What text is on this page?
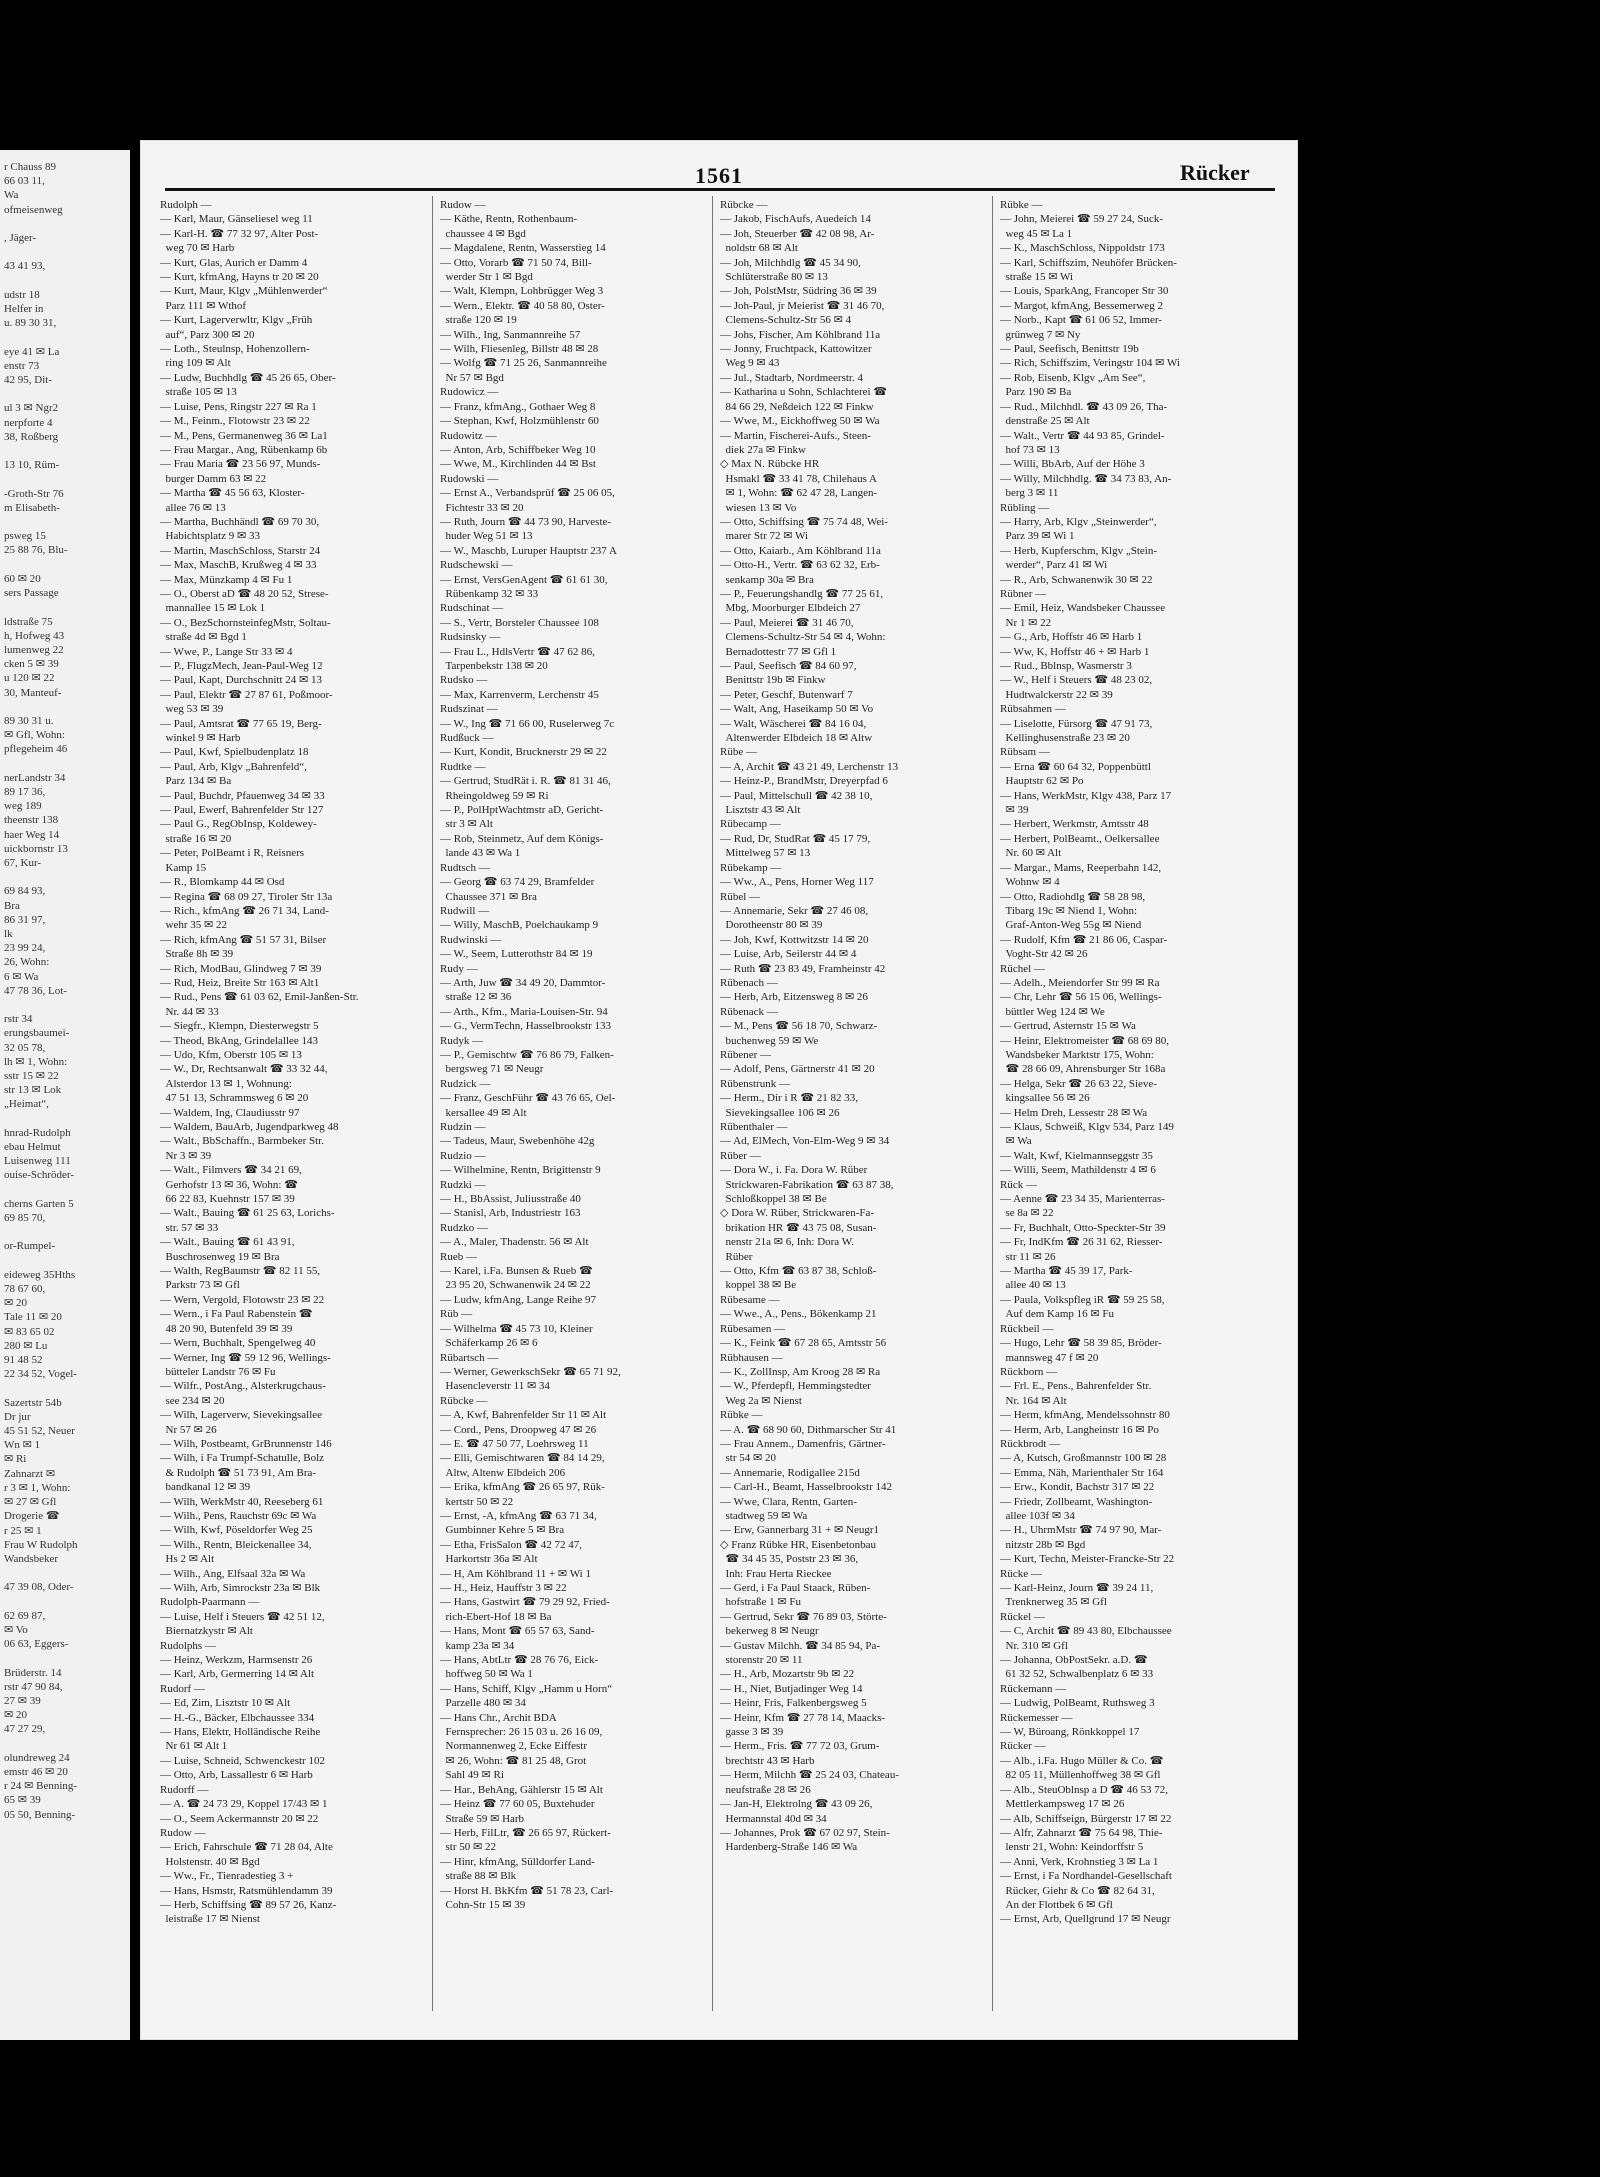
r Chauss 89
66 03 11,
Wa
ofmeisenweg

, Jäger-

43 41 93,

udstr 18
Helfer in
u. 89 30 31,

eye 41 ✉ La
enstr 73
42 95, Dit-

ul 3 ✉ Ngr2
nerpforte 4
38, Roßberg

13 10, Rüm-

-Groth-Str 76
m Elisabeth-

psweg 15
25 88 76, Blu-

60 ✉ 20
sers Passage

ldstraße 75
h, Hofweg 43
lumenweg 22
cken 5 ✉ 39
u 120 ✉ 22
30, Manteuf-

89 30 31 u.
✉ Gfl, Wohn:
pflegeheim 46

nerLandstr 34
89 17 36,
weg 189
theenstr 138
haer Weg 14
uickbornstr 13
67, Kur-

69 84 93,
Bra
86 31 97,
lk
23 99 24,
26, Wohn:
6 ✉ Wa
47 78 36, Lot-

rstr 34
erungsbaumei-
32 05 78,
lh ✉ 1, Wohn:
sstr 15 ✉ 22
str 13 ✉ Lok
„Heimat“,

hnrad-Rudolph
ebau Helmut
Luisenweg 111
ouise-Schröder-

cherns Garten 5
69 85 70,

or-Rumpel-

eideweg 35Hths
78 67 60,
✉ 20
Tale 11 ✉ 20
✉ 83 65 02
280 ✉ Lu
91 48 52
22 34 52, Vogel-

Sazertstr 54b
Dr jur
45 51 52, Neuer
Wn ✉ 1
✉ Ri
Zahnarzt ✉
r 3 ✉ 1, Wohn:
✉ 27 ✉ Gfl
Drogerie ☎
r 25 ✉ 1
Frau W Rudolph
Wandsbeker

47 39 08, Oder-

62 69 87,
✉ Vo
06 63, Eggers-

Brüderstr. 14
rstr 47 90 84,
27 ✉ 39
✉ 20
47 27 29,

olundreweg 24
emstr 46 ✉ 20
r 24 ✉ Benning-
65 ✉ 39
05 50, Benning-
1561	Rücker
Rudolph —
— Karl, Maur, Gänseliesel weg 11
— Karl-H. ☎ 77 32 97, Alter Post-
weg 70 ✉ Harb
— Kurt, Glas, Aurich er Damm 4
— Kurt, kfmAng, Hayns tr 20 ✉ 20
— Kurt, Maur, Klgv „Mühlenwerder“
Parz 111 ✉ Wthof
— Kurt, Lagerverwltr, Klgv „Früh
auf“, Parz 300 ✉ 20
— Loth., Steulnsp, Hohenzollern-
ring 109 ✉ Alt
— Ludw, Buchhdlg ☎ 45 26 65, Ober-
straße 105 ✉ 13
— Luise, Pens, Ringstr 227 ✉ Ra 1
— M., Feinm., Flotowstr 23 ✉ 22
— M., Pens, Germanenweg 36 ✉ La1
— Frau Margar., Ang, Rübenkamp 6b
— Frau Maria ☎ 23 56 97, Munds-
burger Damm 63 ✉ 22
— Martha ☎ 45 56 63, Kloster-
allee 76 ✉ 13
— Martha, Buchhändl ☎ 69 70 30,
Habichtsplatz 9 ✉ 33
— Martin, MaschSchloss, Starstr 24
— Max, MaschB, Krußweg 4 ✉ 33
— Max, Münzkamp 4 ✉ Fu 1
— O., Oberst aD ☎ 48 20 52, Strese-
mannallee 15 ✉ Lok 1
— O., BezSchornsteinfegMstr, Soltau-
straße 4d ✉ Bgd 1
— Wwe, P., Lange Str 33 ✉ 4
— P., FlugzMech, Jean-Paul-Weg 12
— Paul, Kapt, Durchschnitt 24 ✉ 13
— Paul, Elektr ☎ 27 87 61, Poßmoor-
weg 53 ✉ 39
— Paul, Amtsrat ☎ 77 65 19, Berg-
winkel 9 ✉ Harb
— Paul, Kwf, Spielbudenplatz 18
— Paul, Arb, Klgv „Bahrenfeld“,
Parz 134 ✉ Ba
— Paul, Buchdr, Pfauenweg 34 ✉ 33
— Paul, Ewerf, Bahrenfelder Str 127
— Paul G., RegObInsp, Koldewey-
straße 16 ✉ 20
— Peter, PolBeamt i R, Reisners
Kamp 15
— R., Blomkamp 44 ✉ Osd
— Regina ☎ 68 09 27, Tiroler Str 13a
— Rich., kfmAng ☎ 26 71 34, Land-
wehr 35 ✉ 22
— Rich, kfmAng ☎ 51 57 31, Bilser
Straße 8h ✉ 39
— Rich, ModBau, Glindweg 7 ✉ 39
— Rud, Heiz, Breite Str 163 ✉ Alt1
— Rud., Pens ☎ 61 03 62, Emil-Janßen-Str.
Nr. 44 ✉ 33
— Siegfr., Klempn, Diesterwegstr 5
— Theod, BkAng, Grindelallee 143
— Udo, Kfm, Oberstr 105 ✉ 13
— W., Dr, Rechtsanwalt ☎ 33 32 44,
Alsterdor 13 ✉ 1, Wohnung:
47 51 13, Schrammsweg 6 ✉ 20
— Waldem, Ing, Claudiusstr 97
— Waldem, BauArb, Jugendparkweg 48
— Walt., BbSchaffn., Barmbeker Str.
Nr 3 ✉ 39
— Walt., Filmvers ☎ 34 21 69,
Gerhofstr 13 ✉ 36, Wohn: ☎
66 22 83, Kuehnstr 157 ✉ 39
— Walt., Bauing ☎ 61 25 63, Lorichs-
str. 57 ✉ 33
— Walt., Bauing ☎ 61 43 91,
Buschrosenweg 19 ✉ Bra
— Walth, RegBaumstr ☎ 82 11 55,
Parkstr 73 ✉ Gfl
— Wern, Vergold, Flotowstr 23 ✉ 22
— Wern., i Fa Paul Rabenstein ☎
48 20 90, Butenfeld 39 ✉ 39
— Wern, Buchhalt, Spengelweg 40
— Werner, Ing ☎ 59 12 96, Wellings-
bütteler Landstr 76 ✉ Fu
— Wilfr., PostAng., Alsterkrugchaus-
see 234 ✉ 20
— Wilh, Lagerverw, Sievekingsallee
Nr 57 ✉ 26
— Wilh, Postbeamt, GrBrunnenstr 146
— Wilh, i Fa Trumpf-Schatulle, Bolz
& Rudolph ☎ 51 73 91, Am Bra-
bandkanal 12 ✉ 39
— Wilh, WerkMstr 40, Reeseberg 61
— Wilh., Pens, Rauchstr 69c ✉ Wa
— Wilh, Kwf, Pöseldorfer Weg 25
— Wilh., Rentn, Bleickenallee 34,
Hs 2 ✉ Alt
— Wilh., Ang, Elfsaal 32a ✉ Wa
— Wilh, Arb, Simrockstr 23a ✉ Blk
Rudolph-Paarmann —
— Luise, Helf i Steuers ☎ 42 51 12,
Biernatzkystr ✉ Alt
Rudolphs —
— Heinz, Werkzm, Harmsenstr 26
— Karl, Arb, Germerring 14 ✉ Alt
Rudorf —
— Ed, Zim, Lisztstr 10 ✉ Alt
— H.-G., Bäcker, Elbchaussee 334
— Hans, Elektr, Holländische Reihe
Nr 61 ✉ Alt 1
— Luise, Schneid, Schwenckestr 102
— Otto, Arb, Lassallestr 6 ✉ Harb
Rudorff —
— A. ☎ 24 73 29, Koppel 17/43 ✉ 1
— O., Seem Ackermannstr 20 ✉ 22
Rudow —
— Erich, Fahrschule ☎ 71 28 04, Alte
Holstenstr. 40 ✉ Bgd
— Ww., Fr., Tienradestieg 3 +
— Hans, Hsmstr, Ratsmühlendamm 39
— Herb, Schiffsing ☎ 89 57 26, Kanz-
leistraße 17 ✉ Nienst
Rudow —
— Käthe, Rentn, Rothenbaum-
chaussee 4 ✉ Bgd
— Magdalene, Rentn, Wasserstieg 14
— Otto, Vorarb ☎ 71 50 74, Bill-
werder Str 1 ✉ Bgd
— Walt, Klempn, Lohbrügger Weg 3
— Wern., Elektr. ☎ 40 58 80, Oster-
straße 120 ✉ 19
— Wilh., Ing, Sanmannreihe 57
— Wilh, Fliesenleg, Billstr 48 ✉ 28
— Wolfg ☎ 71 25 26, Sanmannreihe
Nr 57 ✉ Bgd
Rudowicz —
— Franz, kfmAng., Gothaer Weg 8
— Stephan, Kwf, Holzmühlenstr 60
Rudowitz —
— Anton, Arb, Schiffbeker Weg 10
— Wwe, M., Kirchlinden 44 ✉ Bst
Rudowski —
— Ernst A., Verbandsprüf ☎ 25 06 05,
Fichtestr 33 ✉ 20
— Ruth, Journ ☎ 44 73 90, Harveste-
huder Weg 51 ✉ 13
— W., Maschb, Luruper Hauptstr 237 A
Rudschewski —
— Ernst, VersGenAgent ☎ 61 61 30,
Rübenkamp 32 ✉ 33
Rudschinat —
— S., Vertr, Borsteler Chaussee 108
Rudsinsky —
— Frau L., HdlsVertr ☎ 47 62 86,
Tarpenbekstr 138 ✉ 20
Rudsko —
— Max, Karrenverm, Lerchenstr 45
Rudszinat —
— W., Ing ☎ 71 66 00, Ruselerweg 7c
Rudßuck —
— Kurt, Kondit, Brucknerstr 29 ✉ 22
Rudtke —
— Gertrud, StudRät i. R. ☎ 81 31 46,
Rheingoldweg 59 ✉ Ri
— P., PolHptWachtmstr aD, Gericht-
str 3 ✉ Alt
— Rob, Steinmetz, Auf dem Königs-
lande 43 ✉ Wa 1
Rudtsch —
— Georg ☎ 63 74 29, Bramfelder
Chaussee 371 ✉ Bra
Rudwill —
— Willy, MaschB, Poelchaukamp 9
Rudwinski —
— W., Seem, Lutterothstr 84 ✉ 19
Rudy —
— Arth, Juw ☎ 34 49 20, Dammtor-
straße 12 ✉ 36
— Arth., Kfm., Maria-Louisen-Str. 94
— G., VermTechn, Hasselbrookstr 133
Rudyk —
— P., Gemischtw ☎ 76 86 79, Falken-
bergsweg 71 ✉ Neugr
Rudzick —
— Franz, GeschFühr ☎ 43 76 65, Oel-
kersallee 49 ✉ Alt
Rudzin —
— Tadeus, Maur, Swebenhöhe 42g
Rudzio —
— Wilhelmine, Rentn, Brigittenstr 9
Rudzki —
— H., BbAssist, Juliusstraße 40
— Stanisl, Arb, Industriestr 163
Rudzko —
— A., Maler, Thadenstr. 56 ✉ Alt
Rueb —
— Karel, i.Fa. Bunsen & Rueb ☎
23 95 20, Schwanenwik 24 ✉ 22
— Ludw, kfmAng, Lange Reihe 97
Rüb —
— Wilhelma ☎ 45 73 10, Kleiner
Schäferkamp 26 ✉ 6
Rübartsch —
— Werner, GewerkschSekr ☎ 65 71 92,
Hasencleverstr 11 ✉ 34
Rübcke —
— A, Kwf, Bahrenfelder Str 11 ✉ Alt
— Cord., Pens, Droopweg 47 ✉ 26
— E. ☎ 47 50 77, Loehrsweg 11
— Elli, Gemischtwaren ☎ 84 14 29,
Altw, Altenw Elbdeich 206
— Erika, kfmAng ☎ 26 65 97, Rük-
kertstr 50 ✉ 22
— Ernst, -A, kfmAng ☎ 63 71 34,
Gumbinner Kehre 5 ✉ Bra
— Etha, FrisSalon ☎ 42 72 47,
Harkortstr 36a ✉ Alt
— H, Am Köhlbrand 11 + ✉ Wi 1
— H., Heiz, Hauffstr 3 ✉ 22
— Hans, Gastwirt ☎ 79 29 92, Fried-
rich-Ebert-Hof 18 ✉ Ba
— Hans, Mont ☎ 65 57 63, Sand-
kamp 23a ✉ 34
— Hans, AbtLtr ☎ 28 76 76, Eick-
hoffweg 50 ✉ Wa 1
— Hans, Schiff, Klgv „Hamm u Horn“
Parzelle 480 ✉ 34
— Hans Chr., Archit BDA
Fernsprecher: 26 15 03 u. 26 16 09,
Normannenweg 2, Ecke Eiffestr
✉ 26, Wohn: ☎ 81 25 48, Grot
Sahl 49 ✉ Ri
— Har., BehAng, Gählerstr 15 ✉ Alt
— Heinz ☎ 77 60 05, Buxtehuder
Straße 59 ✉ Harb
— Herb, FilLtr, ☎ 26 65 97, Rückert-
str 50 ✉ 22
— Hinr, kfmAng, Sülldorfer Land-
straße 88 ✉ Blk
— Horst H. BkKfm ☎ 51 78 23, Carl-
Cohn-Str 15 ✉ 39
Rübcke —
— Jakob, FischAufs, Auedeich 14
— Joh, Steuerber ☎ 42 08 98, Ar-
noldstr 68 ✉ Alt
— Joh, Milchhdlg ☎ 45 34 90,
Schlüterstraße 80 ✉ 13
— Joh, PolstMstr, Südring 36 ✉ 39
— Joh-Paul, jr Meierist ☎ 31 46 70,
Clemens-Schultz-Str 56 ✉ 4
— Johs, Fischer, Am Köhlbrand 11a
— Jonny, Fruchtpack, Kattowitzer
Weg 9 ✉ 43
— Jul., Stadtarb, Nordmeerstr. 4
— Katharina u Sohn, Schlachterei ☎
84 66 29, Neßdeich 122 ✉ Finkw
— Wwe, M., Eickhoffweg 50 ✉ Wa
— Martin, Fischerei-Aufs., Steen-
diek 27a ✉ Finkw
◇ Max N. Rübcke HR
Hsmakl ☎ 33 41 78, Chilehaus A
✉ 1, Wohn: ☎ 62 47 28, Langen-
wiesen 13 ✉ Vo
— Otto, Schiffsing ☎ 75 74 48, Wei-
marer Str 72 ✉ Wi
— Otto, Kaiarb., Am Köhlbrand 11a
— Otto-H., Vertr. ☎ 63 62 32, Erb-
senkamp 30a ✉ Bra
— P., Feuerungshandlg ☎ 77 25 61,
Mbg, Moorburger Elbdeich 27
— Paul, Meierei ☎ 31 46 70,
Clemens-Schultz-Str 54 ✉ 4, Wohn:
Bernadottestr 77 ✉ Gfl 1
— Paul, Seefisch ☎ 84 60 97,
Benittstr 19b ✉ Finkw
— Peter, Geschf, Butenwarf 7
— Walt, Ang, Haseikamp 50 ✉ Vo
— Walt, Wäscherei ☎ 84 16 04,
Altenwerder Elbdeich 18 ✉ Altw
Rübe —
— A, Archit ☎ 43 21 49, Lerchenstr 13
— Heinz-P., BrandMstr, Dreyerpfad 6
— Paul, Mittelschull ☎ 42 38 10,
Lisztstr 43 ✉ Alt
Rübecamp —
— Rud, Dr, StudRat ☎ 45 17 79,
Mittelweg 57 ✉ 13
Rübekamp —
— Ww., A., Pens, Horner Weg 117
Rübel —
— Annemarie, Sekr ☎ 27 46 08,
Dorotheenstr 80 ✉ 39
— Joh, Kwf, Kottwitzstr 14 ✉ 20
— Luise, Arb, Seilerstr 44 ✉ 4
— Ruth ☎ 23 83 49, Framheinstr 42
Rübenach —
— Herb, Arb, Eitzensweg 8 ✉ 26
Rübenack —
— M., Pens ☎ 56 18 70, Schwarz-
buchenweg 59 ✉ We
Rübener —
— Adolf, Pens, Gärtnerstr 41 ✉ 20
Rübenstrunk —
— Herm., Dir i R ☎ 21 82 33,
Sievekingsallee 106 ✉ 26
Rübenthaler —
— Ad, ElMech, Von-Elm-Weg 9 ✉ 34
Rüber —
— Dora W., i. Fa. Dora W. Rüber
Strickwaren-Fabrikation ☎ 63 87 38,
Schloßkoppel 38 ✉ Be
◇ Dora W. Rüber, Strickwaren-Fa-
brikation HR ☎ 43 75 08, Susan-
nenstr 21a ✉ 6, Inh: Dora W.
Rüber
— Otto, Kfm ☎ 63 87 38, Schloß-
koppel 38 ✉ Be
Rübesame —
— Wwe., A., Pens., Bökenkamp 21
Rübesamen —
— K., Feink ☎ 67 28 65, Amtsstr 56
Rübhausen —
— K., ZollInsp, Am Kroog 28 ✉ Ra
— W., Pferdepfl, Hemmingstedter
Weg 2a ✉ Nienst
Rübke —
— A. ☎ 68 90 60, Dithmarscher Str 41
— Frau Annem., Damenfris, Gärtner-
str 54 ✉ 20
— Annemarie, Rodigallee 215d
— Carl-H., Beamt, Hasselbrookstr 142
— Wwe, Clara, Rentn, Garten-
stadtweg 59 ✉ Wa
— Erw, Gannerbarg 31 + ✉ Neugr1
◇ Franz Rübke HR, Eisenbetonbau
☎ 34 45 35, Poststr 23 ✉ 36,
Inh: Frau Herta Rieckee
— Gerd, i Fa Paul Staack, Rüben-
hofstraße 1 ✉ Fu
— Gertrud, Sekr ☎ 76 89 03, Störte-
bekerweg 8 ✉ Neugr
— Gustav Milchh. ☎ 34 85 94, Pa-
storenstr 20 ✉ 11
— H., Arb, Mozartstr 9b ✉ 22
— H., Niet, Butjadinger Weg 14
— Heinr, Fris, Falkenbergsweg 5
— Heinr, Kfm ☎ 27 78 14, Maacks-
gasse 3 ✉ 39
— Herm., Fris. ☎ 77 72 03, Grum-
brechtstr 43 ✉ Harb
— Herm, Milchh ☎ 25 24 03, Chateau-
neufstraße 28 ✉ 26
— Jan-H, Elektrolng ☎ 43 09 26,
Hermannstal 40d ✉ 34
— Johannes, Prok ☎ 67 02 97, Stein-
Hardenberg-Straße 146 ✉ Wa
Rübke —
— John, Meierei ☎ 59 27 24, Suck-
weg 45 ✉ La 1
— K., MaschSchloss, Nippoldstr 173
— Karl, Schiffszim, Neuhöfer Brücken-
straße 15 ✉ Wi
— Louis, SparkAng, Francoper Str 30
— Margot, kfmAng, Bessemerweg 2
— Norb., Kapt ☎ 61 06 52, Immer-
grünweg 7 ✉ Ny
— Paul, Seefisch, Benittstr 19b
— Rich, Schiffszim, Veringstr 104 ✉ Wi
— Rob, Eisenb, Klgv „Am See“,
Parz 190 ✉ Ba
— Rud., Milchhdl. ☎ 43 09 26, Tha-
denstraße 25 ✉ Alt
— Walt., Vertr ☎ 44 93 85, Grindel-
hof 73 ✉ 13
— Willi, BbArb, Auf der Höhe 3
— Willy, Milchhdlg. ☎ 34 73 83, An-
berg 3 ✉ 11
Rübling —
— Harry, Arb, Klgv „Steinwerder“,
Parz 39 ✉ Wi 1
— Herb, Kupferschm, Klgv „Stein-
werder“, Parz 41 ✉ Wi
— R., Arb, Schwanenwik 30 ✉ 22
Rübner —
— Emil, Heiz, Wandsbeker Chaussee
Nr 1 ✉ 22
— G., Arb, Hoffstr 46 ✉ Harb 1
— Ww, K, Hoffstr 46 + ✉ Harb 1
— Rud., Bblnsp, Wasmerstr 3
— W., Helf i Steuers ☎ 48 23 02,
Hudtwalckerstr 22 ✉ 39
Rübsahmen —
— Liselotte, Fürsorg ☎ 47 91 73,
Kellinghusenstraße 23 ✉ 20
Rübsam —
— Erna ☎ 60 64 32, Poppenbüttl
Hauptstr 62 ✉ Po
— Hans, WerkMstr, Klgv 438, Parz 17
✉ 39
— Herbert, Werkmstr, Amtsstr 48
— Herbert, PolBeamt., Oelkersallee
Nr. 60 ✉ Alt
— Margar., Mams, Reeperbahn 142,
Wohnw ✉ 4
— Otto, Radiohdlg ☎ 58 28 98,
Tibarg 19c ✉ Niend 1, Wohn:
Graf-Anton-Weg 55g ✉ Niend
— Rudolf, Kfm ☎ 21 86 06, Caspar-
Voght-Str 42 ✉ 26
Rüchel —
— Adelh., Meiendorfer Str 99 ✉ Ra
— Chr, Lehr ☎ 56 15 06, Wellings-
büttler Weg 124 ✉ We
— Gertrud, Asternstr 15 ✉ Wa
— Heinr, Elektromeister ☎ 68 69 80,
Wandsbeker Marktstr 175, Wohn:
☎ 28 66 09, Ahrensburger Str 168a
— Helga, Sekr ☎ 26 63 22, Sieve-
kingsallee 56 ✉ 26
— Helm Dreh, Lessestr 28 ✉ Wa
— Klaus, Schweiß, Klgv 534, Parz 149
✉ Wa
— Walt, Kwf, Kielmannseggstr 35
— Willi, Seem, Mathildenstr 4 ✉ 6
Rück —
— Aenne ☎ 23 34 35, Marienterras-
se 8a ✉ 22
— Fr, Buchhalt, Otto-Speckter-Str 39
— Fr, IndKfm ☎ 26 31 62, Riesser-
str 11 ✉ 26
— Martha ☎ 45 39 17, Park-
allee 40 ✉ 13
— Paula, Volkspfleg iR ☎ 59 25 58,
Auf dem Kamp 16 ✉ Fu
Rückbeil —
— Hugo, Lehr ☎ 58 39 85, Bröder-
mannsweg 47 f ✉ 20
Rückborn —
— Frl. E., Pens., Bahrenfelder Str.
Nr. 164 ✉ Alt
— Herm, kfmAng, Mendelssohnstr 80
— Herm, Arb, Langheinstr 16 ✉ Po
Rückbrodt —
— A, Kutsch, Großmannstr 100 ✉ 28
— Emma, Näh, Marienthaler Str 164
— Erw., Kondit, Bachstr 317 ✉ 22
— Friedr, Zollbeamt, Washington-
allee 103f ✉ 34
— H., UhrmMstr ☎ 74 97 90, Mar-
nitzstr 28b ✉ Bgd
— Kurt, Techn, Meister-Francke-Str 22
Rücke —
— Karl-Heinz, Journ ☎ 39 24 11,
Trenknerweg 35 ✉ Gfl
Rückel —
— C, Archit ☎ 89 43 80, Elbchaussee
Nr. 310 ✉ Gfl
— Johanna, ObPostSekr. a.D. ☎
61 32 52, Schwalbenplatz 6 ✉ 33
Rückemann —
— Ludwig, PolBeamt, Ruthsweg 3
Rückemesser —
— W, Büroang, Rönkkoppel 17
Rücker —
— Alb., i.Fa. Hugo Müller & Co. ☎
82 05 11, Müllenhoffweg 38 ✉ Gfl
— Alb., SteuOblnsp a D ☎ 46 53 72,
Mettlerkampsweg 17 ✉ 26
— Alb, Schiffseign, Bürgerstr 17 ✉ 22
— Alfr, Zahnarzt ☎ 75 64 98, Thie-
lenstr 21, Wohn: Keindorffstr 5
— Anni, Verk, Krohnstieg 3 ✉ La 1
— Ernst, i Fa Nordhandel-Gesellschaft
Rücker, Giehr & Co ☎ 82 64 31,
An der Flottbek 6 ✉ Gfl
— Ernst, Arb, Quellgrund 17 ✉ Neugr
